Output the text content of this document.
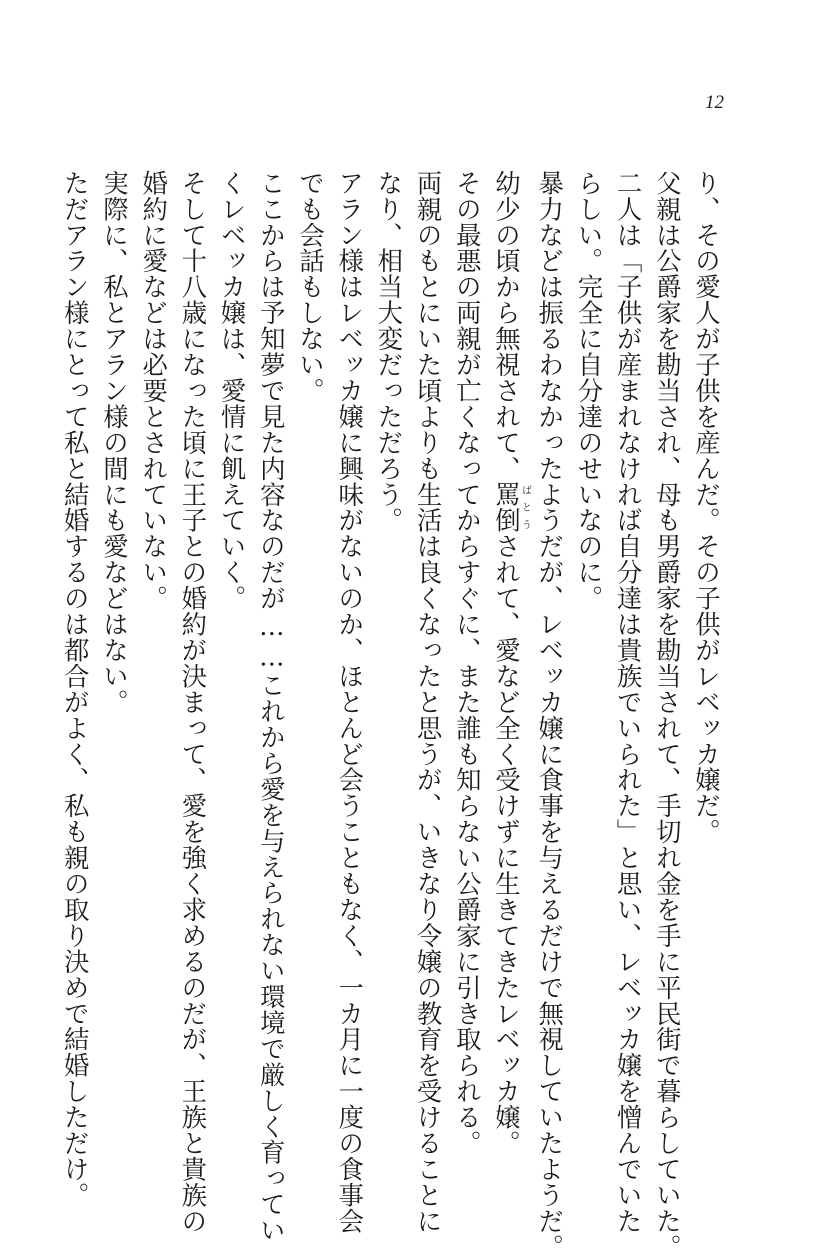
12
り、その愛人が子供を産んだ。その子供がレベッカ嬢だ。
父親は公爵家を勘当され、母も男爵家を勘当されて、手切れ金を手に平民街で暮らしていた。
二人は「子供が産まれなければ自分達は貴族でいられた」と思い、レベッカ嬢を憎んでいた
らしい。完全に自分達のせいなのに。
暴力などは振るわなかったようだが、レベッカ嬢に食事を与えるだけで無視していたようだ。
幼少の頃から無視されて、罵倒ばとうされて、愛など全く受けずに生きてきたレベッカ嬢。
その最悪の両親が亡くなってからすぐに、また誰も知らない公爵家に引き取られる。
両親のもとにいた頃よりも生活は良くなったと思うが、いきなり令嬢の教育を受けることに
なり、相当大変だっただろう。
アラン様はレベッカ嬢に興味がないのか、ほとんど会うこともなく、一カ月に一度の食事会
でも会話もしない。
ここからは予知夢で見た内容なのだが……これから愛を与えられない環境で厳しく育ってい
くレベッカ嬢は、愛情に飢えていく。
そして十八歳になった頃に王子との婚約が決まって、愛を強く求めるのだが、王族と貴族の
婚約に愛などは必要とされていない。
実際に、私とアラン様の間にも愛などはない。
ただアラン様にとって私と結婚するのは都合がよく、私も親の取り決めで結婚しただけ。
